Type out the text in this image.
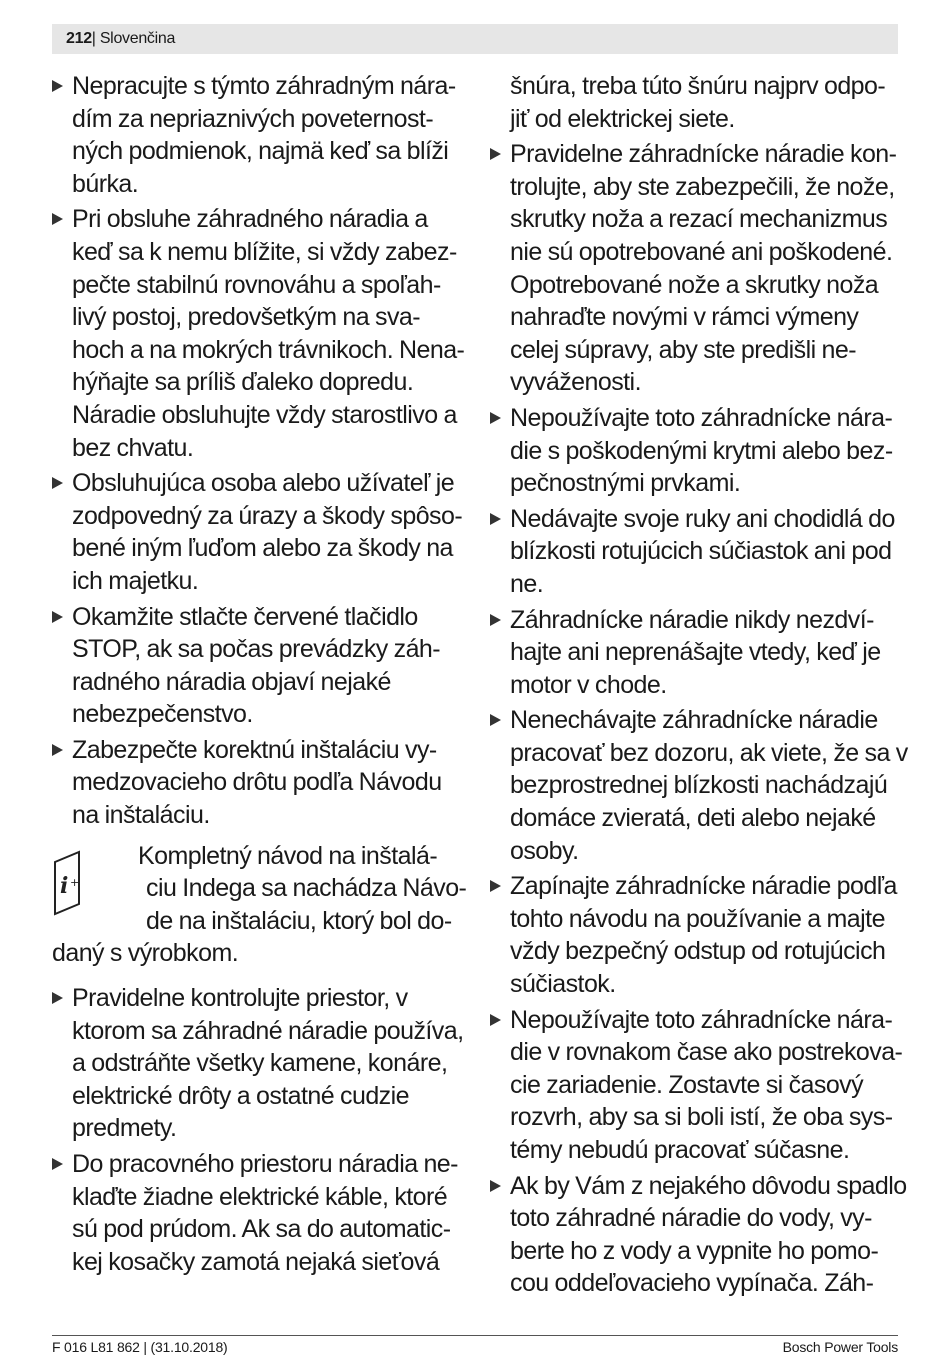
212| Slovenčina
Nepracujte s týmto záhradným nára-
dím za nepriaznivých poveternost-
ných podmienok, najmä keď sa blíži
búrka.
Pri obsluhe záhradného náradia a
keď sa k nemu blížite, si vždy zabez-
pečte stabilnú rovnováhu a spoľah-
livý postoj, predovšetkým na sva-
hoch a na mokrých trávnikoch. Nena-
hýňajte sa príliš ďaleko dopredu.
Náradie obsluhujte vždy starostlivo a
bez chvatu.
Obsluhujúca osoba alebo užívateľ je
zodpovedný za úrazy a škody spôso-
bené iným ľuďom alebo za škody na
ich majetku.
Okamžite stlačte červené tlačidlo
STOP, ak sa počas prevádzky záh-
radného náradia objaví nejaké
nebezpečenstvo.
Zabezpečte korektnú inštaláciu vy-
medzovacieho drôtu podľa Návodu
na inštaláciu.
i +
Kompletný návod na inštalá-
ciu Indega sa nachádza Návo-
de na inštaláciu, ktorý bol do-
daný s výrobkom.
Pravidelne kontrolujte priestor, v
ktorom sa záhradné náradie používa,
a odstráňte všetky kamene, konáre,
elektrické drôty a ostatné cudzie
predmety.
Do pracovného priestoru náradia ne-
klaďte žiadne elektrické káble, ktoré
sú pod prúdom. Ak sa do automatic-
kej kosačky zamotá nejaká sieťová
šnúra, treba túto šnúru najprv odpo-
jiť od elektrickej siete.
Pravidelne záhradnícke náradie kon-
trolujte, aby ste zabezpečili, že nože,
skrutky noža a rezací mechanizmus
nie sú opotrebované ani poškodené.
Opotrebované nože a skrutky noža
nahraďte novými v rámci výmeny
celej súpravy, aby ste predišli ne-
vyváženosti.
Nepoužívajte toto záhradnícke nára-
die s poškodenými krytmi alebo bez-
pečnostnými prvkami.
Nedávajte svoje ruky ani chodidlá do
blízkosti rotujúcich súčiastok ani pod
ne.
Záhradnícke náradie nikdy nezdví-
hajte ani neprenášajte vtedy, keď je
motor v chode.
Nenechávajte záhradnícke náradie
pracovať bez dozoru, ak viete, že sa v
bezprostrednej blízkosti nachádzajú
domáce zvieratá, deti alebo nejaké
osoby.
Zapínajte záhradnícke náradie podľa
tohto návodu na používanie a majte
vždy bezpečný odstup od rotujúcich
súčiastok.
Nepoužívajte toto záhradnícke nára-
die v rovnakom čase ako postrekova-
cie zariadenie. Zostavte si časový
rozvrh, aby sa si boli istí, že oba sys-
témy nebudú pracovať súčasne.
Ak by Vám z nejakého dôvodu spadlo
toto záhradné náradie do vody, vy-
berte ho z vody a vypnite ho pomo-
cou oddeľovacieho vypínača. Záh-
F 016 L81 862 | (31.10.2018)	Bosch Power Tools
